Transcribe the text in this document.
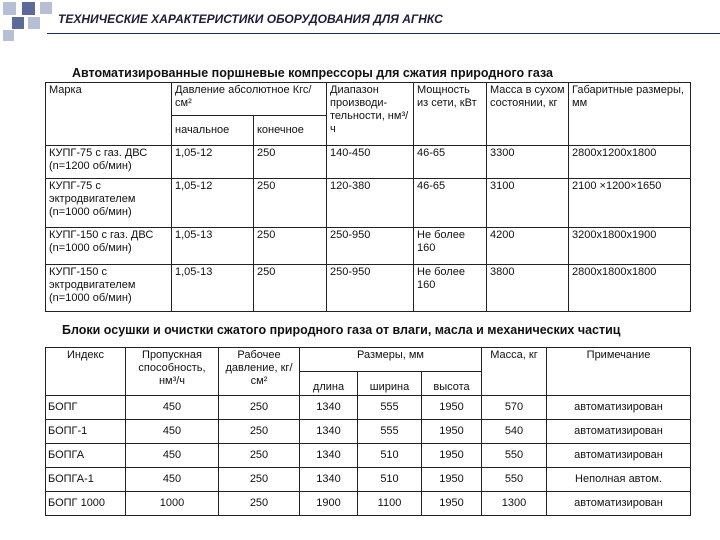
ТЕХНИЧЕСКИЕ ХАРАКТЕРИСТИКИ ОБОРУДОВАНИЯ ДЛЯ АГНКС
Автоматизированные поршневые компрессоры для сжатия природного газа
Марка	Давление абсолютное Кгс/см²		Диапазон производи-тельности, нм³/ч	Мощность из сети, кВт	Масса в сухом состоянии, кг	Габаритные размеры, мм
	начальное	конечное				
КУПГ-75 с газ. ДВС (n=1200 об/мин)	1,05-12	250	140-450	46-65	3300	2800х1200х1800
КУПГ-75 с эктродвигателем (n=1000 об/мин)	1,05-12	250	120-380	46-65	3100	2100 ×1200×1650
КУПГ-150 с газ. ДВС (n=1000 об/мин)	1,05-13	250	250-950	Не более 160	4200	3200х1800х1900
КУПГ-150 с эктродвигателем (n=1000 об/мин)	1,05-13	250	250-950	Не более 160	3800	2800х1800х1800
Блоки осушки и очистки сжатого природного газа от влаги, масла и механических частиц
Индекс	Пропускная способность, нм³/ч	Рабочее давление, кг/см²	Размеры, мм			Масса, кг	Примечание
			длина	ширина	высота		
БОПГ	450	250	1340	555	1950	570	автоматизирован
БОПГ-1	450	250	1340	555	1950	540	автоматизирован
БОПГА	450	250	1340	510	1950	550	автоматизирован
БОПГА-1	450	250	1340	510	1950	550	Неполная автом.
БОПГ 1000	1000	250	1900	1100	1950	1300	автоматизирован
